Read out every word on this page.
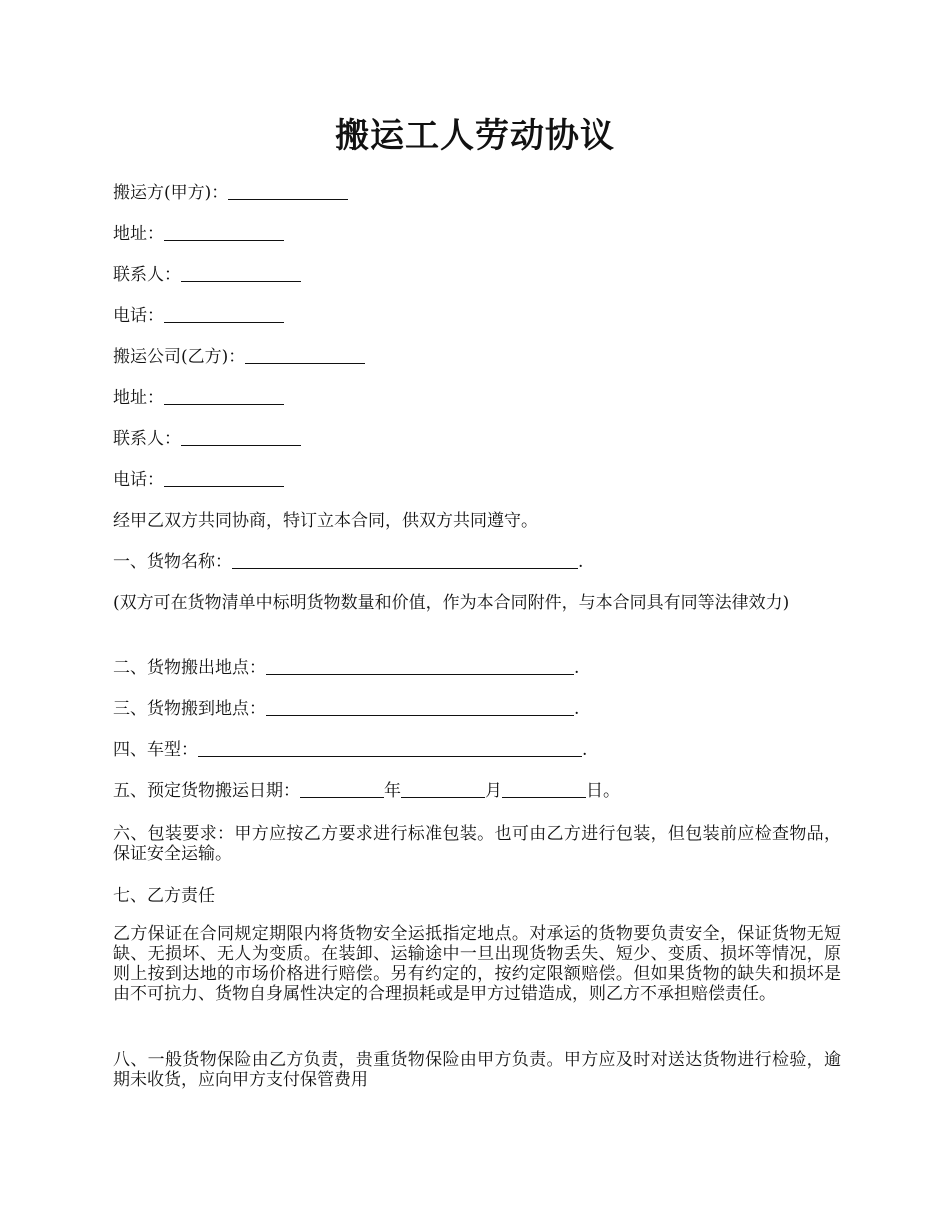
搬运工人劳动协议
搬运方(甲方)：
地址：
联系人：
电话：
搬运公司(乙方)：
地址：
联系人：
电话：
经甲乙双方共同协商，特订立本合同，供双方共同遵守。
一、货物名称：	.
(双方可在货物清单中标明货物数量和价值，作为本合同附件，与本合同具有同等法律效力)
二、货物搬出地点：	.
三、货物搬到地点：	.
四、车型：	.
五、预定货物搬运日期：	年	月	日。
六、包装要求：甲方应按乙方要求进行标准包装。也可由乙方进行包装，但包装前应检查物品，保证安全运输。
七、乙方责任
乙方保证在合同规定期限内将货物安全运抵指定地点。对承运的货物要负责安全，保证货物无短缺、无损坏、无人为变质。在装卸、运输途中一旦出现货物丢失、短少、变质、损坏等情况，原则上按到达地的市场价格进行赔偿。另有约定的，按约定限额赔偿。但如果货物的缺失和损坏是由不可抗力、货物自身属性决定的合理损耗或是甲方过错造成，则乙方不承担赔偿责任。
八、一般货物保险由乙方负责，贵重货物保险由甲方负责。甲方应及时对送达货物进行检验，逾期未收货，应向甲方支付保管费用
